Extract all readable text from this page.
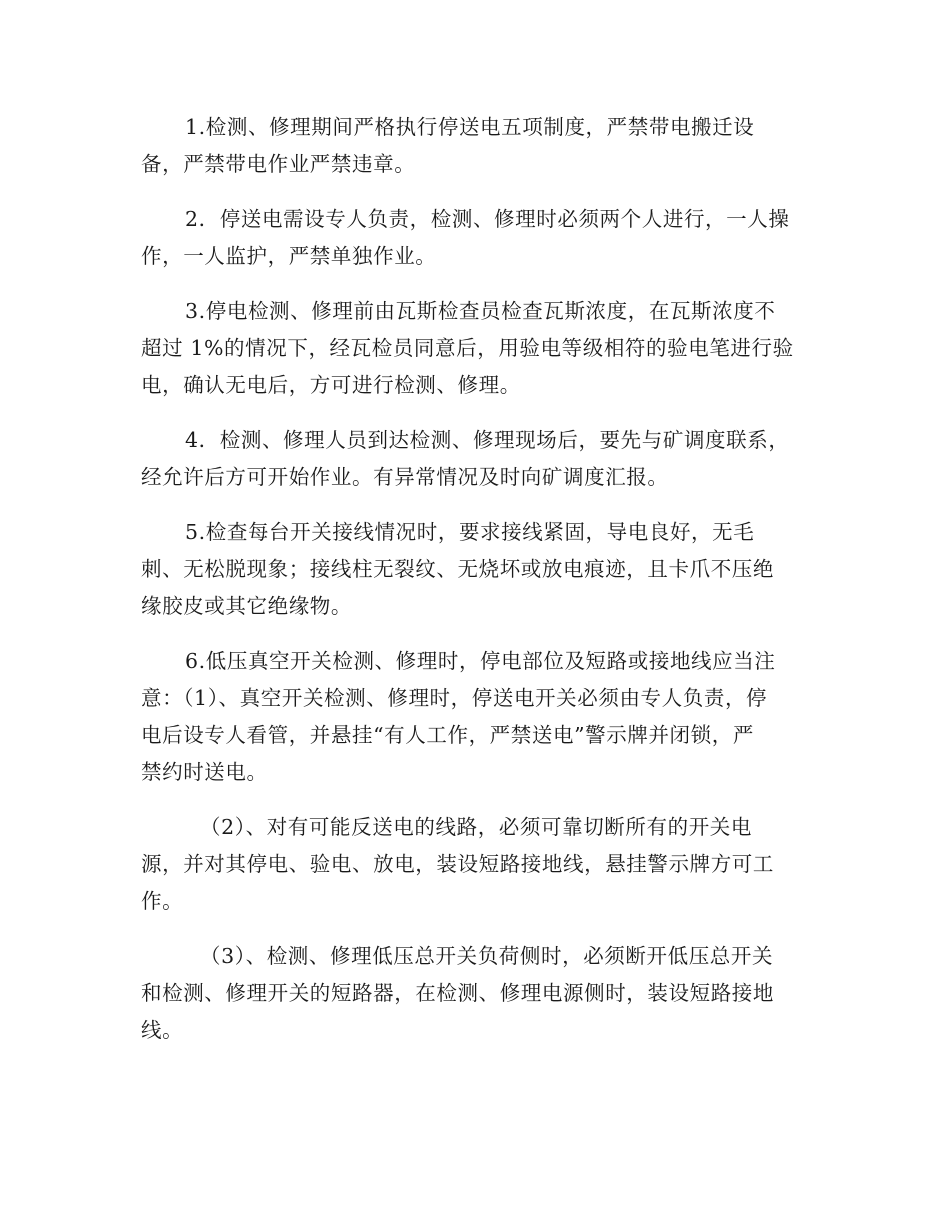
1.检测、修理期间严格执行停送电五项制度，严禁带电搬迁设
备，严禁带电作业严禁违章。
2．停送电需设专人负责，检测、修理时必须两个人进行，一人操
作，一人监护，严禁单独作业。
3.停电检测、修理前由瓦斯检查员检查瓦斯浓度，在瓦斯浓度不
超过 1%的情况下，经瓦检员同意后，用验电等级相符的验电笔进行验
电，确认无电后，方可进行检测、修理。
4．检测、修理人员到达检测、修理现场后，要先与矿调度联系，
经允许后方可开始作业。有异常情况及时向矿调度汇报。
5.检查每台开关接线情况时，要求接线紧固，导电良好，无毛
刺、无松脱现象；接线柱无裂纹、无烧坏或放电痕迹，且卡爪不压绝
缘胶皮或其它绝缘物。
6.低压真空开关检测、修理时，停电部位及短路或接地线应当注
意：（1）、真空开关检测、修理时，停送电开关必须由专人负责，停
电后设专人看管，并悬挂“有人工作，严禁送电”警示牌并闭锁，严
禁约时送电。
（2）、对有可能反送电的线路，必须可靠切断所有的开关电
源，并对其停电、验电、放电，装设短路接地线，悬挂警示牌方可工
作。
（3）、检测、修理低压总开关负荷侧时，必须断开低压总开关
和检测、修理开关的短路器，在检测、修理电源侧时，装设短路接地
线。
